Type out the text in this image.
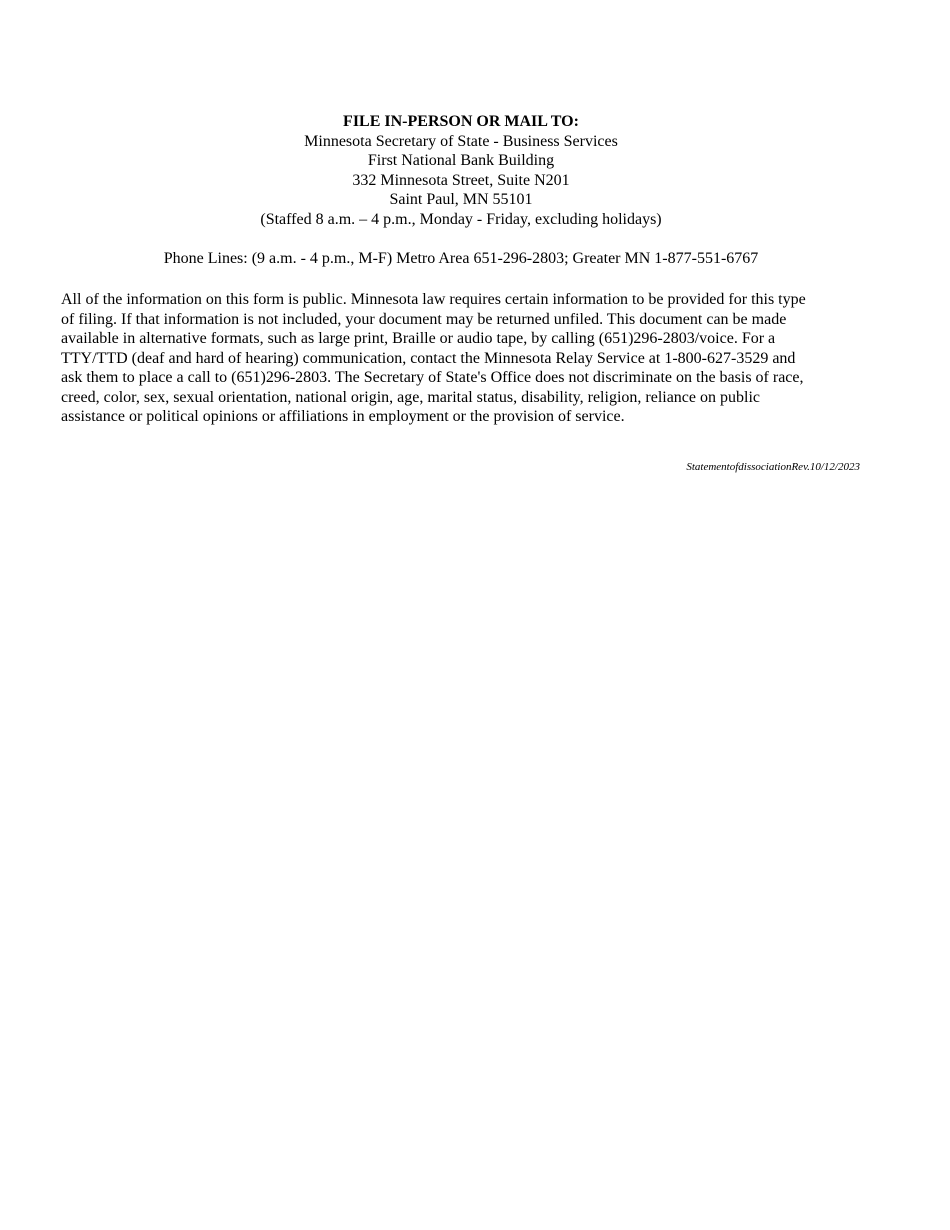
FILE IN-PERSON OR MAIL TO:
Minnesota Secretary of State - Business Services
First National Bank Building
332 Minnesota Street, Suite N201
Saint Paul, MN 55101
(Staffed 8 a.m. – 4 p.m., Monday - Friday, excluding holidays)
Phone Lines: (9 a.m. - 4 p.m., M-F) Metro Area 651-296-2803; Greater MN 1-877-551-6767
All of the information on this form is public. Minnesota law requires certain information to be provided for this type
of filing. If that information is not included, your document may be returned unfiled. This document can be made
available in alternative formats, such as large print, Braille or audio tape, by calling (651)296-2803/voice. For a
TTY/TTD (deaf and hard of hearing) communication, contact the Minnesota Relay Service at 1-800-627-3529 and
ask them to place a call to (651)296-2803. The Secretary of State's Office does not discriminate on the basis of race,
creed, color, sex, sexual orientation, national origin, age, marital status, disability, religion, reliance on public
assistance or political opinions or affiliations in employment or the provision of service.
StatementofdissociationRev.10/12/2023
